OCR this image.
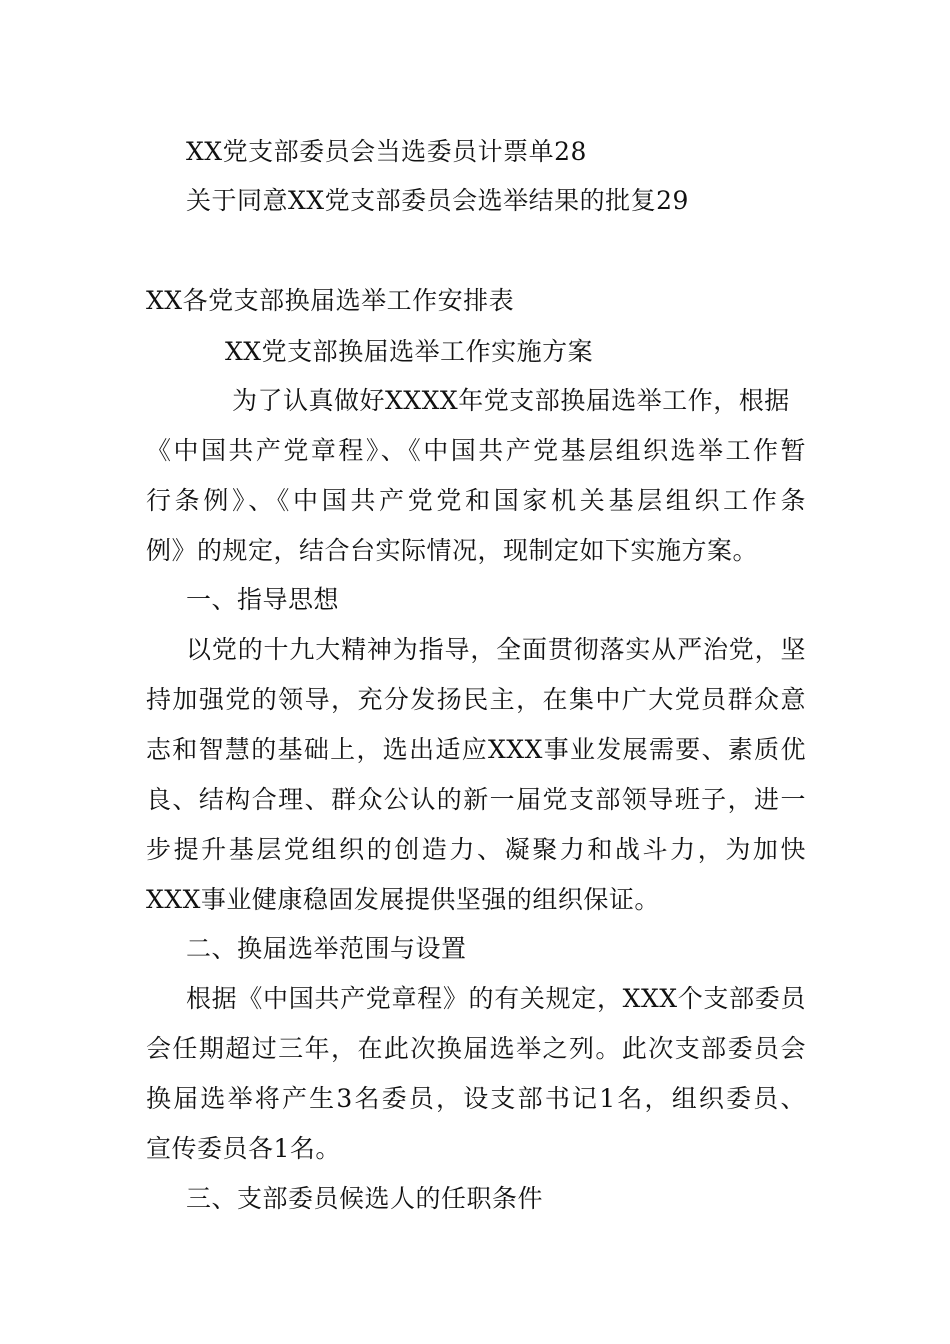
XX党支部委员会当选委员计票单28
关于同意XX党支部委员会选举结果的批复29
XX各党支部换届选举工作安排表
XX党支部换届选举工作实施方案
为了认真做好XXXX年党支部换届选举工作，根据
《中国共产党章程》、《中国共产党基层组织选举工作暂
行条例》、《中国共产党党和国家机关基层组织工作条
例》的规定，结合台实际情况，现制定如下实施方案。
一、指导思想
以党的十九大精神为指导，全面贯彻落实从严治党，坚
持加强党的领导，充分发扬民主，在集中广大党员群众意
志和智慧的基础上，选出适应XXX事业发展需要、素质优
良、结构合理、群众公认的新一届党支部领导班子，进一
步提升基层党组织的创造力、凝聚力和战斗力，为加快
XXX事业健康稳固发展提供坚强的组织保证。
二、换届选举范围与设置
根据《中国共产党章程》的有关规定，XXX个支部委员
会任期超过三年，在此次换届选举之列。此次支部委员会
换届选举将产生3名委员，设支部书记1名，组织委员、
宣传委员各1名。
三、支部委员候选人的任职条件
